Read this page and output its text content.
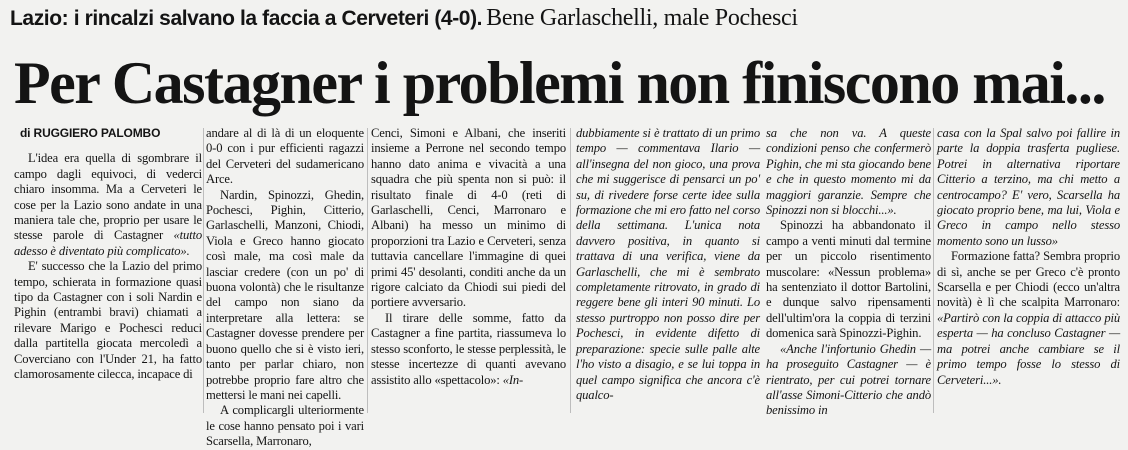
Lazio: i rincalzi salvano la faccia a Cerveteri (4-0). Bene Garlaschelli, male Pochesci
Per Castagner i problemi non finiscono mai...
di RUGGIERO PALOMBO

L'idea era quella di sgombrare il campo dagli equivoci, di vederci chiaro insomma. Ma a Cerveteri le cose per la Lazio sono andate in una maniera tale che, proprio per usare le stesse parole di Castagner «tutto adesso è diventato più complicato».

E' successo che la Lazio del primo tempo, schierata in formazione quasi tipo da Castagner con i soli Nardin e Pighin (entrambi bravi) chiamati a rilevare Marigo e Pochesci reduci dalla partitella giocata mercoledì a Coverciano con l'Under 21, ha fatto clamorosamente cilecca, incapace di

andare al di là di un eloquente 0-0 con i pur efficienti ragazzi del Cerveteri del sudamericano Arce.

Nardin, Spinozzi, Ghedin, Pochesci, Pighin, Citterio, Garlaschelli, Manzoni, Chiodi, Viola e Greco hanno giocato così male, ma così male da lasciar credere (con un po' di buona volontà) che le risultanze del campo non siano da interpretare alla lettera: se Castagner dovesse prendere per buono quello che si è visto ieri, tanto per parlar chiaro, non potrebbe proprio fare altro che mettersi le mani nei capelli.

A complicargli ulteriormente le cose hanno pensato poi i vari Scarsella, Marronaro,

Cenci, Simoni e Albani, che inseriti insieme a Perrone nel secondo tempo hanno dato anima e vivacità a una squadra che più spenta non si può: il risultato finale di 4-0 (reti di Garlaschelli, Cenci, Marronaro e Albani) ha messo un minimo di proporzioni tra Lazio e Cerveteri, senza tuttavia cancellare l'immagine di quei primi 45' desolanti, conditi anche da un rigore calciato da Chiodi sui piedi del portiere avversario.

Il tirare delle somme, fatto da Castagner a fine partita, riassumeva lo stesso sconforto, le stesse perplessità, le stesse incertezze di quanti avevano assistito allo «spettacolo»: «In-

dubbiamente si è trattato di un primo tempo — commentava Ilario — all'insegna del non gioco, una prova che mi suggerisce di pensarci un po' su, di rivedere forse certe idee sulla formazione che mi ero fatto nel corso della settimana. L'unica nota davvero positiva, in quanto si trattava di una verifica, viene da Garlaschelli, che mi è sembrato completamente ritrovato, in grado di reggere bene gli interi 90 minuti. Lo stesso purtroppo non posso dire per Pochesci, in evidente difetto di preparazione: specie sulle palle alte l'ho visto a disagio, e se lui toppa in quel campo significa che ancora c'è qualco-

sa che non va. A queste condizioni penso che confermerò Pighin, che mi sta giocando bene e che in questo momento mi da maggiori garanzie. Sempre che Spinozzi non si blocchi...».

Spinozzi ha abbandonato il campo a venti minuti dal termine per un piccolo risentimento muscolare: «Nessun problema» ha sentenziato il dottor Bartolini, e dunque salvo ripensamenti dell'ultim'ora la coppia di terzini domenica sarà Spinozzi-Pighin.

«Anche l'infortunio Ghedin — ha proseguito Castagner — è rientrato, per cui potrei tornare all'asse Simoni-Citterio che andò benissimo in

casa con la Spal salvo poi fallire in parte la doppia trasferta pugliese. Potrei in alternativa riportare Citterio a terzino, ma chi metto a centrocampo? E' vero, Scarsella ha giocato proprio bene, ma lui, Viola e Greco in campo nello stesso momento sono un lusso»

Formazione fatta? Sembra proprio di sì, anche se per Greco c'è pronto Scarsella e per Chiodi (ecco un'altra novità) è lì che scalpita Marronaro: «Partirò con la coppia di attacco più esperta — ha concluso Castagner — ma potrei anche cambiare se il primo tempo fosse lo stesso di Cerveteri...».
